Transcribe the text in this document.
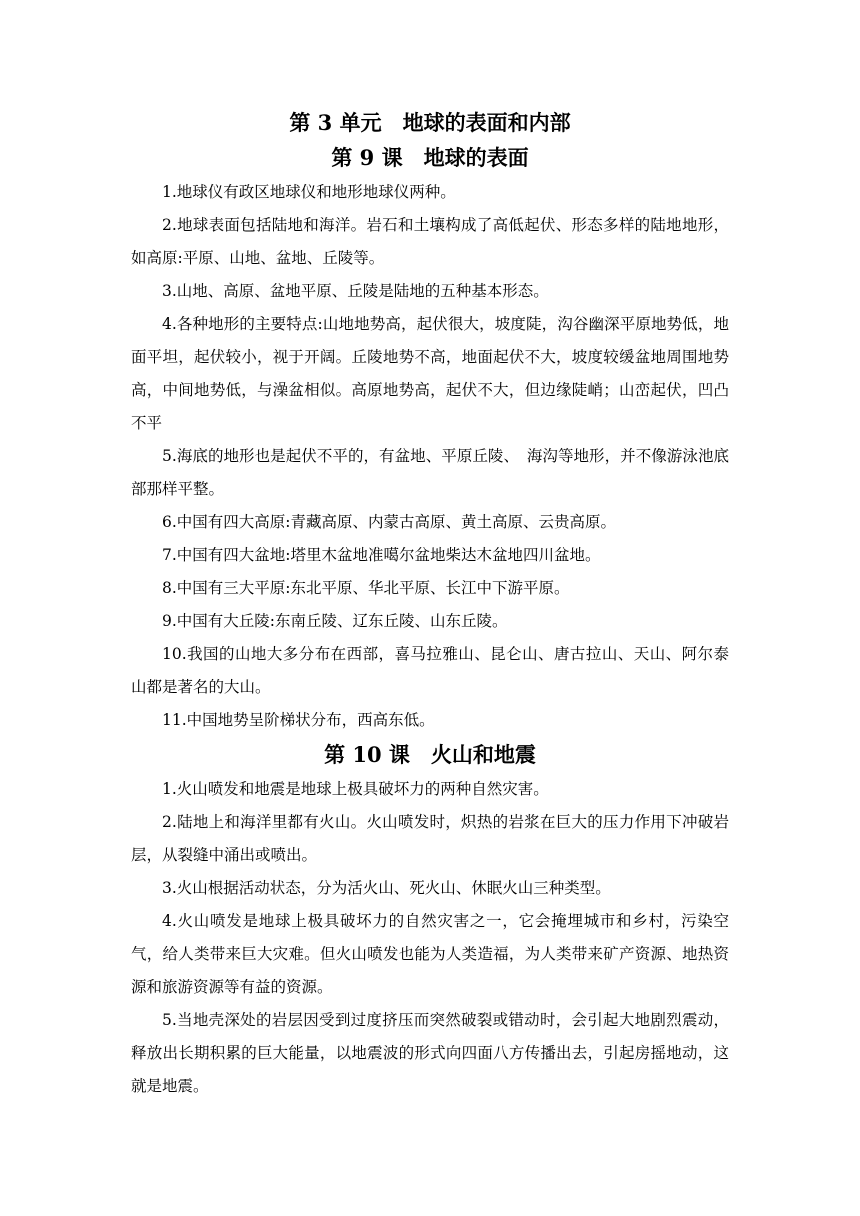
第 3 单元　地球的表面和内部
第 9 课　地球的表面

1.地球仪有政区地球仪和地形地球仪两种。

2.地球表面包括陆地和海洋。岩石和土壤构成了高低起伏、形态多样的陆地地形，如高原:平原、山地、盆地、丘陵等。

3.山地、高原、盆地平原、丘陵是陆地的五种基本形态。

4.各种地形的主要特点:山地地势高，起伏很大，坡度陡，沟谷幽深平原地势低，地面平坦，起伏较小，视于开阔。丘陵地势不高，地面起伏不大，坡度较缓盆地周围地势高，中间地势低，与澡盆相似。高原地势高，起伏不大，但边缘陡峭；山峦起伏，凹凸不平

5.海底的地形也是起伏不平的，有盆地、平原丘陵、　海沟等地形，并不像游泳池底部那样平整。

6.中国有四大高原:青藏高原、内蒙古高原、黄土高原、云贵高原。

7.中国有四大盆地:塔里木盆地准噶尔盆地柴达木盆地四川盆地。

8.中国有三大平原:东北平原、华北平原、长江中下游平原。

9.中国有大丘陵:东南丘陵、辽东丘陵、山东丘陵。

10.我国的山地大多分布在西部，喜马拉雅山、昆仑山、唐古拉山、天山、阿尔泰山都是著名的大山。

11.中国地势呈阶梯状分布，西高东低。

第 10 课　火山和地震

1.火山喷发和地震是地球上极具破坏力的两种自然灾害。

2.陆地上和海洋里都有火山。火山喷发时，炽热的岩浆在巨大的压力作用下冲破岩层，从裂缝中涌出或喷出。

3.火山根据活动状态，分为活火山、死火山、休眠火山三种类型。

4.火山喷发是地球上极具破坏力的自然灾害之一，它会掩埋城市和乡村，污染空气，给人类带来巨大灾难。但火山喷发也能为人类造福，为人类带来矿产资源、地热资源和旅游资源等有益的资源。

5.当地壳深处的岩层因受到过度挤压而突然破裂或错动时，会引起大地剧烈震动，释放出长期积累的巨大能量，以地震波的形式向四面八方传播出去，引起房摇地动，这就是地震。
